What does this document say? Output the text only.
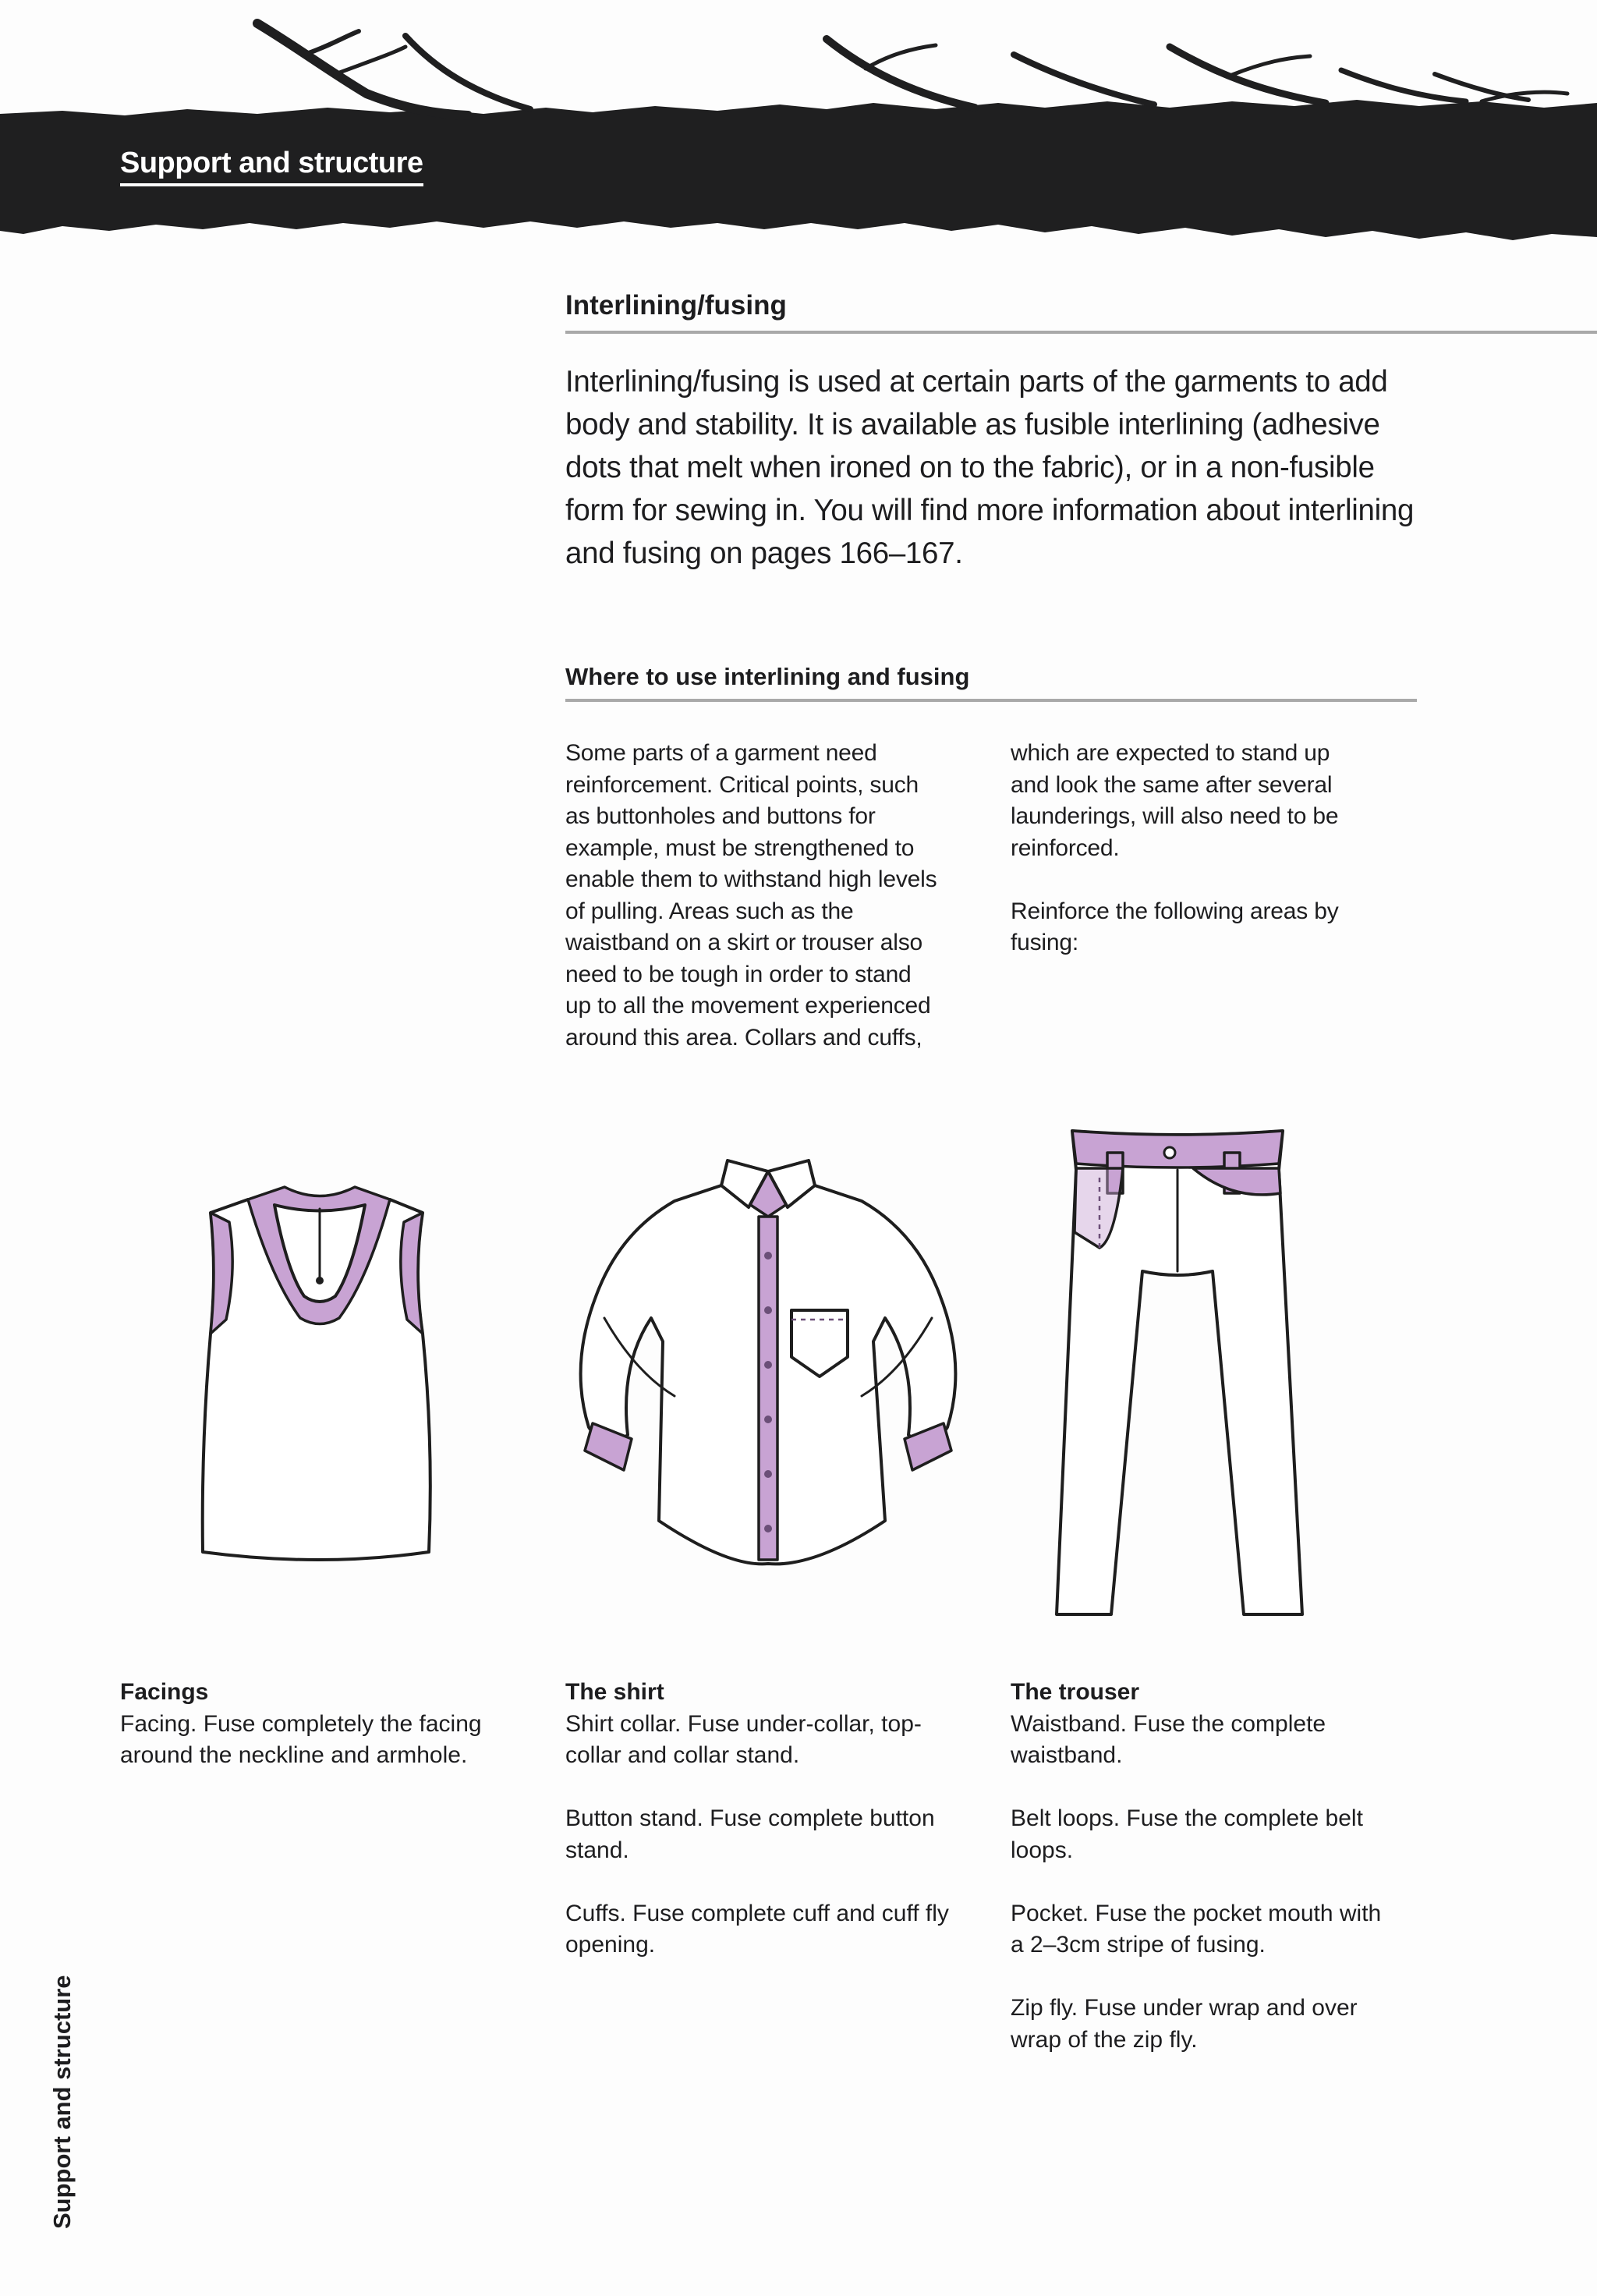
Support and structure
Interlining/fusing
Interlining/fusing is used at certain parts of the garments to add body and stability. It is available as fusible interlining (adhesive dots that melt when ironed on to the fabric), or in a non-fusible form for sewing in. You will find more information about interlining and fusing on pages 166–167.
Where to use interlining and fusing
Some parts of a garment need
reinforcement. Critical points, such
as buttonholes and buttons for
example, must be strengthened to
enable them to withstand high levels
of pulling. Areas such as the
waistband on a skirt or trouser also
need to be tough in order to stand
up to all the movement experienced
around this area. Collars and cuffs,
which are expected to stand up
and look the same after several
launderings, will also need to be
reinforced.

Reinforce the following areas by
fusing:
Facings
Facing. Fuse completely the facing
around the neckline and armhole.
The shirt
Shirt collar. Fuse under-collar, top-
collar and collar stand.

Button stand. Fuse complete button
stand.

Cuffs. Fuse complete cuff and cuff fly
opening.
The trouser
Waistband. Fuse the complete
waistband.

Belt loops. Fuse the complete belt
loops.

Pocket. Fuse the pocket mouth with
a 2–3cm stripe of fusing.

Zip fly. Fuse under wrap and over
wrap of the zip fly.
Support and structure
